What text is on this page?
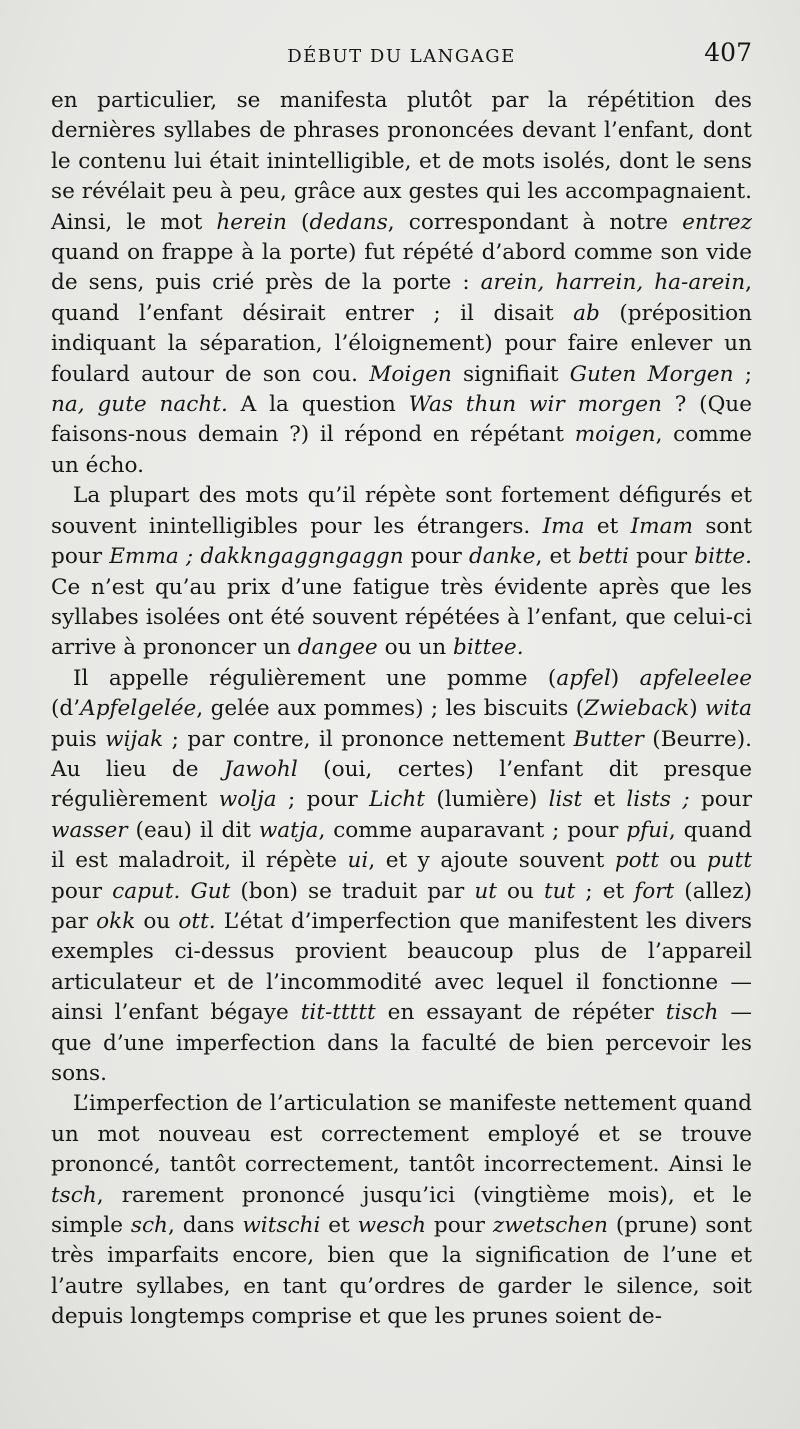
DÉBUT DU LANGAGE	407

en particulier, se manifesta plutôt par la répétition des dernières syllabes de phrases prononcées devant l’enfant, dont le contenu lui était inintelligible, et de mots isolés, dont le sens se révélait peu à peu, grâce aux gestes qui les accompagnaient. Ainsi, le mot herein (dedans, correspondant à notre entrez quand on frappe à la porte) fut répété d’abord comme son vide de sens, puis crié près de la porte : arein, harrein, ha-arein, quand l’enfant désirait entrer ; il disait ab (préposition indiquant la séparation, l’éloignement) pour faire enlever un foulard autour de son cou. Moigen signifiait Guten Morgen ; na, gute nacht. A la question Was thun wir morgen ? (Que faisons-nous demain ?) il répond en répétant moigen, comme un écho.

La plupart des mots qu’il répète sont fortement défigurés et souvent inintelligibles pour les étrangers. Ima et Imam sont pour Emma ; dakkngaggngaggn pour danke, et betti pour bitte. Ce n’est qu’au prix d’une fatigue très évidente après que les syllabes isolées ont été souvent répétées à l’enfant, que celui-ci arrive à prononcer un dangee ou un bittee.

Il appelle régulièrement une pomme (apfel) apfeleelee (d’Apfelgelée, gelée aux pommes) ; les biscuits (Zwieback) wita puis wijak ; par contre, il prononce nettement Butter (Beurre). Au lieu de Jawohl (oui, certes) l’enfant dit presque régulièrement wolja ; pour Licht (lumière) list et lists ; pour wasser (eau) il dit watja, comme auparavant ; pour pfui, quand il est maladroit, il répète ui, et y ajoute souvent pott ou putt pour caput. Gut (bon) se traduit par ut ou tut ; et fort (allez) par okk ou ott. L’état d’imperfection que manifestent les divers exemples ci-dessus provient beaucoup plus de l’appareil articulateur et de l’incommodité avec lequel il fonctionne — ainsi l’enfant bégaye tit-ttttt en essayant de répéter tisch — que d’une imperfection dans la faculté de bien percevoir les sons.

L’imperfection de l’articulation se manifeste nettement quand un mot nouveau est correctement employé et se trouve prononcé, tantôt correctement, tantôt incorrectement. Ainsi le tsch, rarement prononcé jusqu’ici (vingtième mois), et le simple sch, dans witschi et wesch pour zwetschen (prune) sont très imparfaits encore, bien que la signification de l’une et l’autre syllabes, en tant qu’ordres de garder le silence, soit depuis longtemps comprise et que les prunes soient de-
